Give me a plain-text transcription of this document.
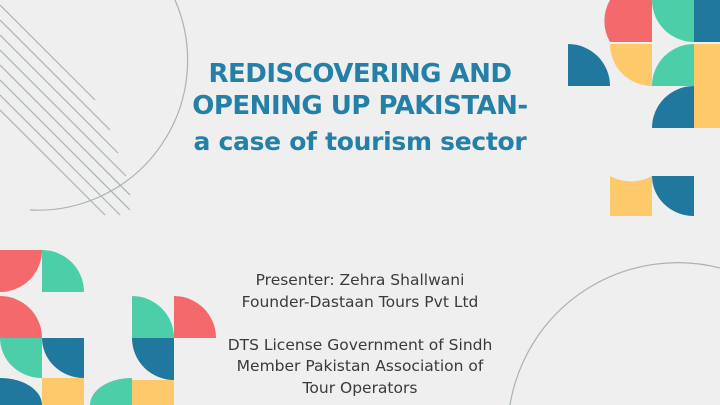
REDISCOVERING AND
OPENING UP PAKISTAN-
a case of tourism sector
Presenter: Zehra Shallwani
Founder-Dastaan Tours Pvt Ltd
DTS License Government of Sindh
Member Pakistan Association of
Tour Operators
